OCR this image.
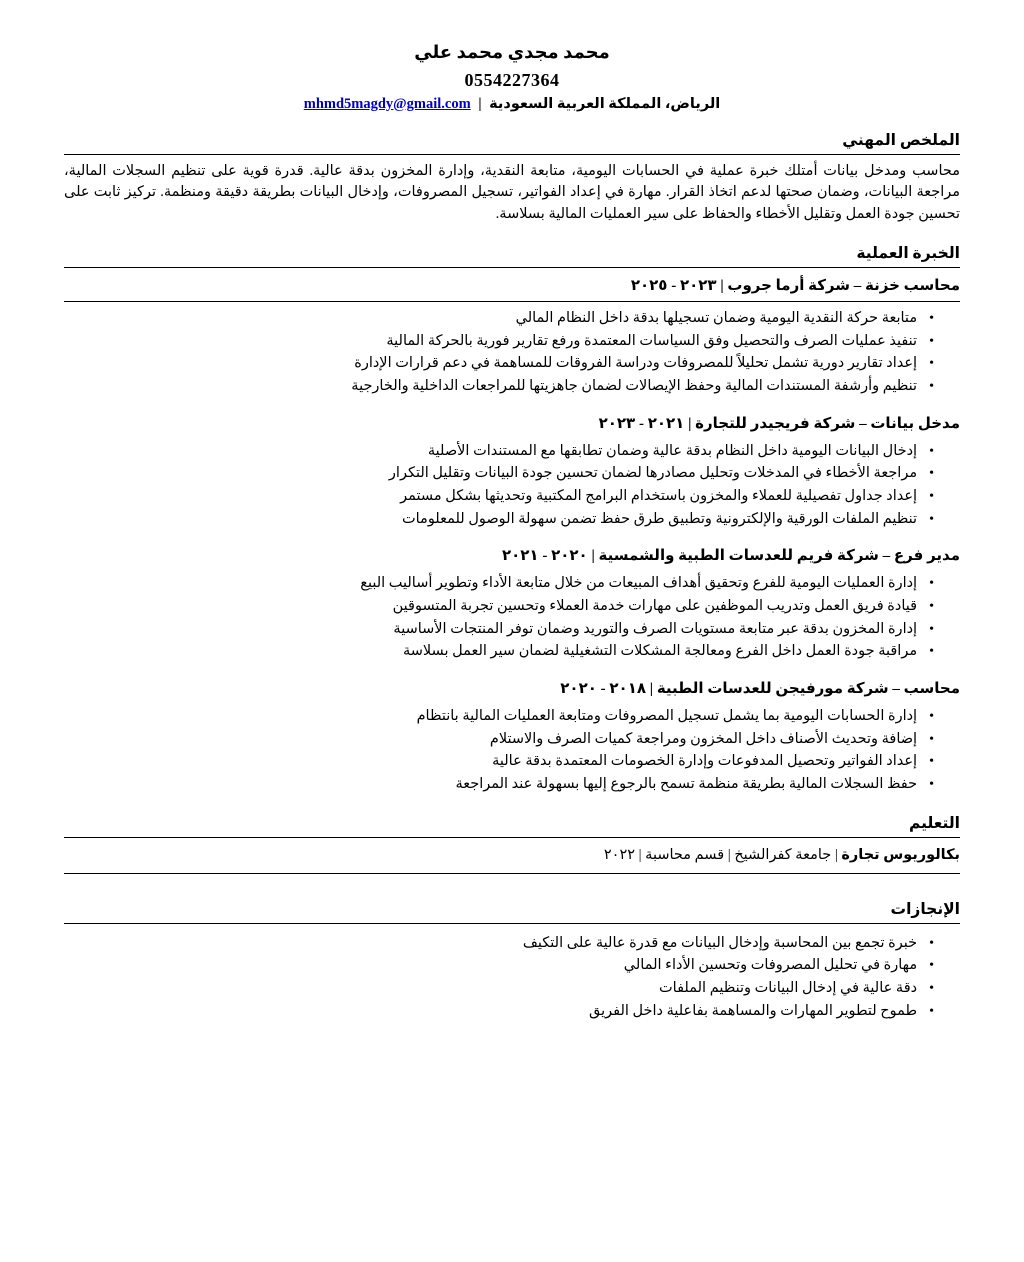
محمد مجدي محمد علي
0554227364
الرياض، المملكة العربية السعودية | mhmd5magdy@gmail.com
الملخص المهني

محاسب ومدخل بيانات أمتلك خبرة عملية في الحسابات اليومية، متابعة النقدية، وإدارة المخزون بدقة عالية. قدرة قوية على تنظيم السجلات المالية، مراجعة البيانات، وضمان صحتها لدعم اتخاذ القرار. مهارة في إعداد الفواتير، تسجيل المصروفات، وإدخال البيانات بطريقة دقيقة ومنظمة. تركيز ثابت على تحسين جودة العمل وتقليل الأخطاء والحفاظ على سير العمليات المالية بسلاسة.

الخبرة العملية
محاسب خزنة – شركة أرما جروب | ٢٠٢٣ - ٢٠٢٥
• متابعة حركة النقدية اليومية وضمان تسجيلها بدقة داخل النظام المالي
• تنفيذ عمليات الصرف والتحصيل وفق السياسات المعتمدة ورفع تقارير فورية بالحركة المالية
• إعداد تقارير دورية تشمل تحليلاً للمصروفات ودراسة الفروقات للمساهمة في دعم قرارات الإدارة
• تنظيم وأرشفة المستندات المالية وحفظ الإيصالات لضمان جاهزيتها للمراجعات الداخلية والخارجية
مدخل بيانات – شركة فريجيدر للتجارة | ٢٠٢١ - ٢٠٢٣
• إدخال البيانات اليومية داخل النظام بدقة عالية وضمان تطابقها مع المستندات الأصلية
• مراجعة الأخطاء في المدخلات وتحليل مصادرها لضمان تحسين جودة البيانات وتقليل التكرار
• إعداد جداول تفصيلية للعملاء والمخزون باستخدام البرامج المكتبية وتحديثها بشكل مستمر
• تنظيم الملفات الورقية والإلكترونية وتطبيق طرق حفظ تضمن سهولة الوصول للمعلومات
مدير فرع – شركة فريم للعدسات الطبية والشمسية | ٢٠٢٠ - ٢٠٢١
• إدارة العمليات اليومية للفرع وتحقيق أهداف المبيعات من خلال متابعة الأداء وتطوير أساليب البيع
• قيادة فريق العمل وتدريب الموظفين على مهارات خدمة العملاء وتحسين تجربة المتسوقين
• إدارة المخزون بدقة عبر متابعة مستويات الصرف والتوريد وضمان توفر المنتجات الأساسية
• مراقبة جودة العمل داخل الفرع ومعالجة المشكلات التشغيلية لضمان سير العمل بسلاسة
محاسب – شركة مورفيجن للعدسات الطبية | ٢٠١٨ - ٢٠٢٠
• إدارة الحسابات اليومية بما يشمل تسجيل المصروفات ومتابعة العمليات المالية بانتظام
• إضافة وتحديث الأصناف داخل المخزون ومراجعة كميات الصرف والاستلام
• إعداد الفواتير وتحصيل المدفوعات وإدارة الخصومات المعتمدة بدقة عالية
• حفظ السجلات المالية بطريقة منظمة تسمح بالرجوع إليها بسهولة عند المراجعة
التعليم

بكالوريوس تجارة | جامعة كفرالشيخ | قسم محاسبة | ٢٠٢٢

الإنجازات
• خبرة تجمع بين المحاسبة وإدخال البيانات مع قدرة عالية على التكيف
• مهارة في تحليل المصروفات وتحسين الأداء المالي
• دقة عالية في إدخال البيانات وتنظيم الملفات
• طموح لتطوير المهارات والمساهمة بفاعلية داخل الفريق
